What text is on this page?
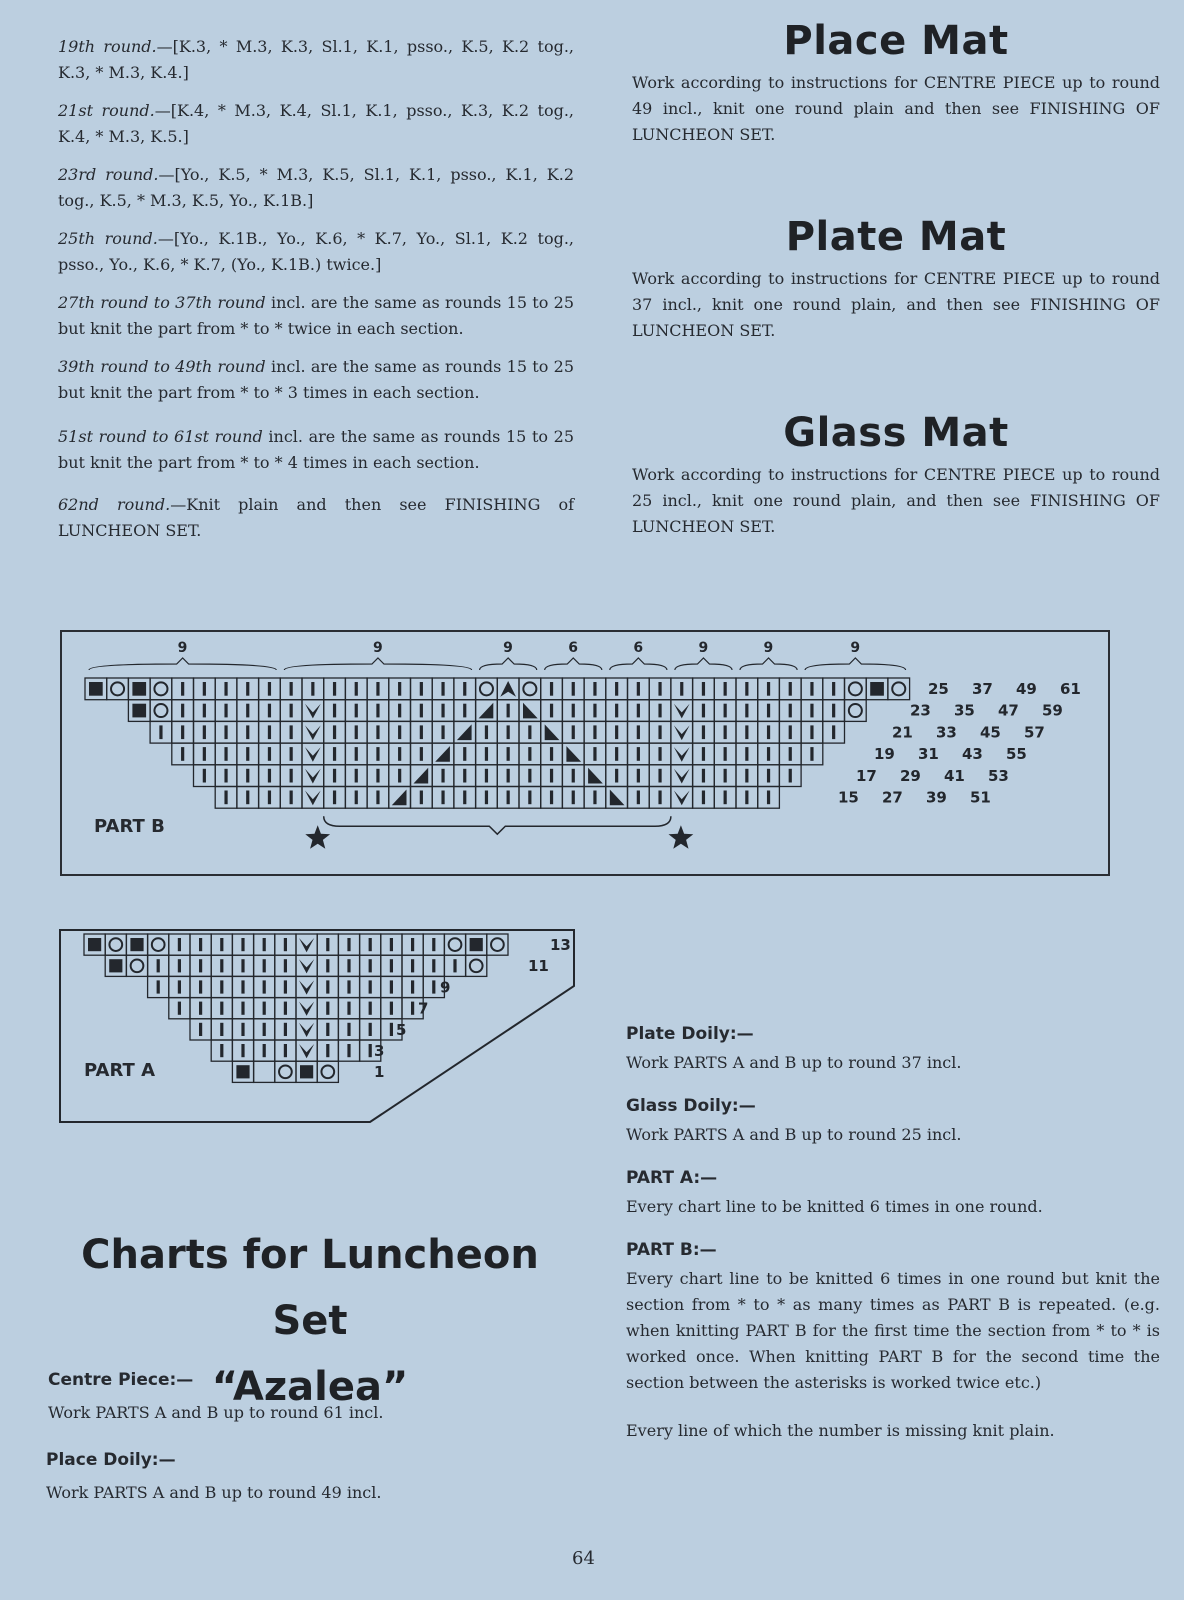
19th round.—[K.3, * M.3, K.3, Sl.1, K.1, psso., K.5, K.2 tog., K.3, * M.3, K.4.]

21st round.—[K.4, * M.3, K.4, Sl.1, K.1, psso., K.3, K.2 tog., K.4, * M.3, K.5.]

23rd round.—[Yo., K.5, * M.3, K.5, Sl.1, K.1, psso., K.1, K.2 tog., K.5, * M.3, K.5, Yo., K.1B.]

25th round.—[Yo., K.1B., Yo., K.6, * K.7, Yo., Sl.1, K.2 tog., psso., Yo., K.6, * K.7, (Yo., K.1B.) twice.]

27th round to 37th round incl. are the same as rounds 15 to 25 but knit the part from * to * twice in each section.

39th round to 49th round incl. are the same as rounds 15 to 25 but knit the part from * to * 3 times in each section.

51st round to 61st round incl. are the same as rounds 15 to 25 but knit the part from * to * 4 times in each section.

62nd round.—Knit plain and then see FINISHING of LUNCHEON SET.

Place Mat

Work according to instructions for CENTRE PIECE up to round 49 incl., knit one round plain and then see FINISHING OF LUNCHEON SET.

Plate Mat

Work according to instructions for CENTRE PIECE up to round 37 incl., knit one round plain, and then see FINISHING OF LUNCHEON SET.

Glass Mat

Work according to instructions for CENTRE PIECE up to round 25 incl., knit one round plain, and then see FINISHING OF LUNCHEON SET.

9	9	9	6	6	9	9	9
25 37 49 61
23 35 47 59
21 33 45 57
19 31 43 55
17 29 41 53
15 27 39 51
PART B
13
11
9
7
5
3
1
PART A
Charts for Luncheon Set
“Azalea”
Centre Piece:—
Work PARTS A and B up to round 61 incl.
Place Doily:—
Work PARTS A and B up to round 49 incl.
Plate Doily:—

Work PARTS A and B up to round 37 incl.

Glass Doily:—

Work PARTS A and B up to round 25 incl.

PART A:—

Every chart line to be knitted 6 times in one round.

PART B:—

Every chart line to be knitted 6 times in one round but knit the section from * to * as many times as PART B is repeated. (e.g. when knitting PART B for the first time the section from * to * is worked once. When knitting PART B for the second time the section between the asterisks is worked twice etc.)

Every line of which the number is missing knit plain.

64
